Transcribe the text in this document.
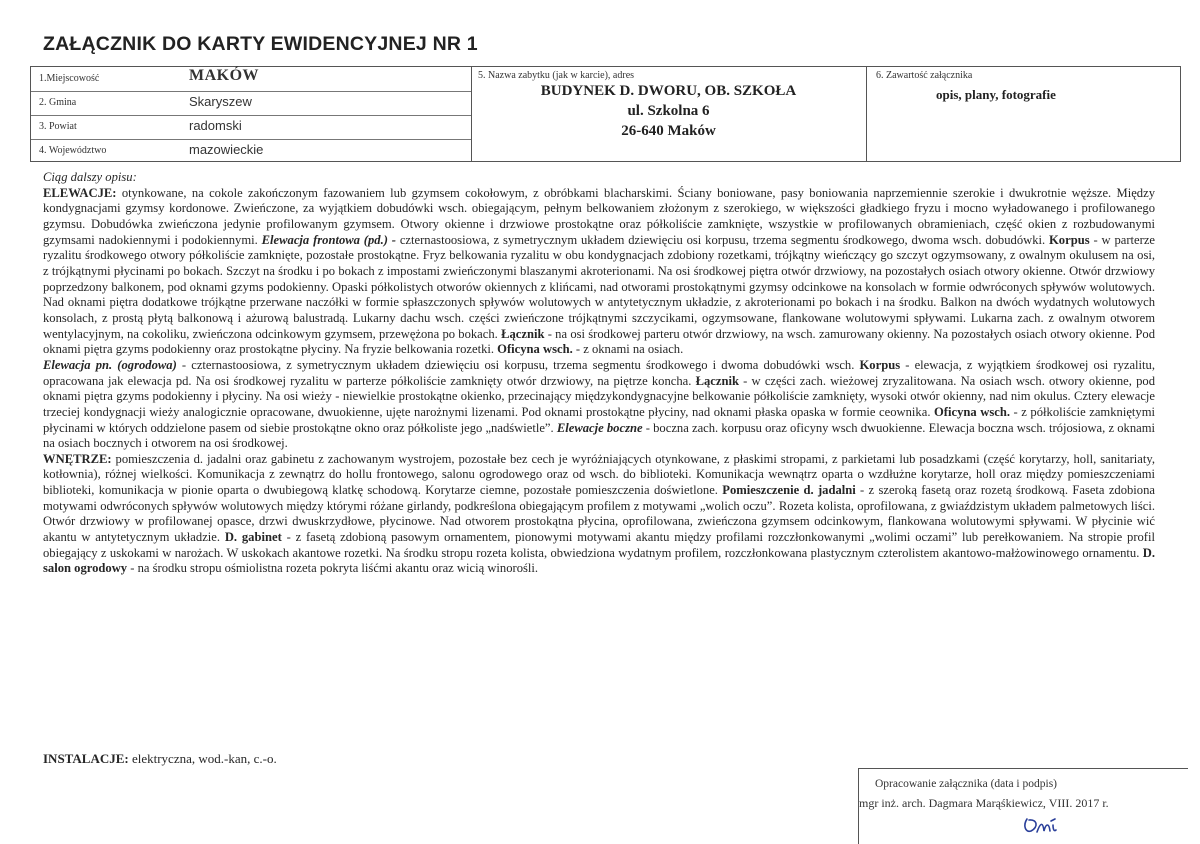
ZAŁĄCZNIK DO KARTY EWIDENCYJNEJ NR 1
1.Miejscowość	MAKÓW
2. Gmina	Skaryszew
3. Powiat	radomski
4. Województwo	mazowieckie
5. Nazwa zabytku (jak w karcie), adres
BUDYNEK D. DWORU, OB. SZKOŁA
ul. Szkolna 6
26-640 Maków
6. Zawartość załącznika
opis, plany, fotografie

Ciąg dalszy opisu:

ELEWACJE: otynkowane, na cokole zakończonym fazowaniem lub gzymsem cokołowym, z obróbkami blacharskimi. Ściany boniowane, pasy boniowania naprzemiennie szerokie i dwukrotnie węższe. Między kondygnacjami gzymsy kordonowe. Zwieńczone, za wyjątkiem dobudówki wsch. obiegającym, pełnym belkowaniem złożonym z szerokiego, w większości gładkiego fryzu i mocno wyładowanego i profilowanego gzymsu. Dobudówka zwieńczona jedynie profilowanym gzymsem. Otwory okienne i drzwiowe prostokątne oraz półkoliście zamknięte, wszystkie w profilowanych obramieniach, część okien z rozbudowanymi gzymsami nadokiennymi i podokiennymi. Elewacja frontowa (pd.) - czternastoosiowa, z symetrycznym układem dziewięciu osi korpusu, trzema segmentu środkowego, dwoma wsch. dobudówki. Korpus - w parterze ryzalitu środkowego otwory półkoliście zamknięte, pozostałe prostokątne. Fryz belkowania ryzalitu w obu kondygnacjach zdobiony rozetkami, trójkątny wieńczący go szczyt ogzymsowany, z owalnym okulusem na osi, z trójkątnymi płycinami po bokach. Szczyt na środku i po bokach z impostami zwieńczonymi blaszanymi akroterionami. Na osi środkowej piętra otwór drzwiowy, na pozostałych osiach otwory okienne. Otwór drzwiowy poprzedzony balkonem, pod oknami gzyms podokienny. Opaski półkolistych otworów okiennych z klińcami, nad otworami prostokątnymi gzymsy odcinkowe na konsolach w formie odwróconych spływów wolutowych. Nad oknami piętra dodatkowe trójkątne przerwane naczółki w formie spłaszczonych spływów wolutowych w antytetycznym układzie, z akroterionami po bokach i na środku. Balkon na dwóch wydatnych wolutowych konsolach, z prostą płytą balkonową i ażurową balustradą. Lukarny dachu wsch. części zwieńczone trójkątnymi szczycikami, ogzymsowane, flankowane wolutowymi spływami. Lukarna zach. z owalnym otworem wentylacyjnym, na cokoliku, zwieńczona odcinkowym gzymsem, przewężona po bokach. Łącznik - na osi środkowej parteru otwór drzwiowy, na wsch. zamurowany okienny. Na pozostałych osiach otwory okienne. Pod oknami piętra gzyms podokienny oraz prostokątne płyciny. Na fryzie belkowania rozetki. Oficyna wsch. - z oknami na osiach.

Elewacja pn. (ogrodowa) - czternastoosiowa, z symetrycznym układem dziewięciu osi korpusu, trzema segmentu środkowego i dwoma dobudówki wsch. Korpus - elewacja, z wyjątkiem środkowej osi ryzalitu, opracowana jak elewacja pd. Na osi środkowej ryzalitu w parterze półkoliście zamknięty otwór drzwiowy, na piętrze koncha. Łącznik - w części zach. wieżowej zryzalitowana. Na osiach wsch. otwory okienne, pod oknami piętra gzyms podokienny i płyciny. Na osi wieży - niewielkie prostokątne okienko, przecinający międzykondygnacyjne belkowanie półkoliście zamknięty, wysoki otwór okienny, nad nim okulus. Cztery elewacje trzeciej kondygnacji wieży analogicznie opracowane, dwuokienne, ujęte narożnymi lizenami. Pod oknami prostokątne płyciny, nad oknami płaska opaska w formie ceownika. Oficyna wsch. - z półkoliście zamkniętymi płycinami w których oddzielone pasem od siebie prostokątne okno oraz półkoliste jego „nadświetle”. Elewacje boczne - boczna zach. korpusu oraz oficyny wsch dwuokienne. Elewacja boczna wsch. trójosiowa, z oknami na osiach bocznych i otworem na osi środkowej.

WNĘTRZE: pomieszczenia d. jadalni oraz gabinetu z zachowanym wystrojem, pozostałe bez cech je wyróżniających otynkowane, z płaskimi stropami, z parkietami lub posadzkami (część korytarzy, holl, sanitariaty, kotłownia), różnej wielkości. Komunikacja z zewnątrz do hollu frontowego, salonu ogrodowego oraz od wsch. do biblioteki. Komunikacja wewnątrz oparta o wzdłużne korytarze, holl oraz między pomieszczeniami biblioteki, komunikacja w pionie oparta o dwubiegową klatkę schodową. Korytarze ciemne, pozostałe pomieszczenia doświetlone. Pomieszczenie d. jadalni - z szeroką fasetą oraz rozetą środkową. Faseta zdobiona motywami odwróconych spływów wolutowych między którymi różane girlandy, podkreślona obiegającym profilem z motywami „wolich oczu”. Rozeta kolista, oprofilowana, z gwiaździstym układem palmetowych liści. Otwór drzwiowy w profilowanej opasce, drzwi dwuskrzydłowe, płycinowe. Nad otworem prostokątna płycina, oprofilowana, zwieńczona gzymsem odcinkowym, flankowana wolutowymi spływami. W płycinie wić akantu w antytetycznym układzie. D. gabinet - z fasetą zdobioną pasowym ornamentem, pionowymi motywami akantu między profilami rozczłonkowanymi „wolimi oczami” lub perełkowaniem. Na stropie profil obiegający z uskokami w narożach. W uskokach akantowe rozetki. Na środku stropu rozeta kolista, obwiedziona wydatnym profilem, rozczłonkowana plastycznym czterolistem akantowo-małżowinowego ornamentu. D. salon ogrodowy - na środku stropu ośmiolistna rozeta pokryta liśćmi akantu oraz wicią winorośli.

INSTALACJE: elektryczna, wod.-kan, c.-o.
Opracowanie załącznika (data i podpis)
mgr inż. arch. Dagmara Marąśkiewicz, VIII. 2017 r.
